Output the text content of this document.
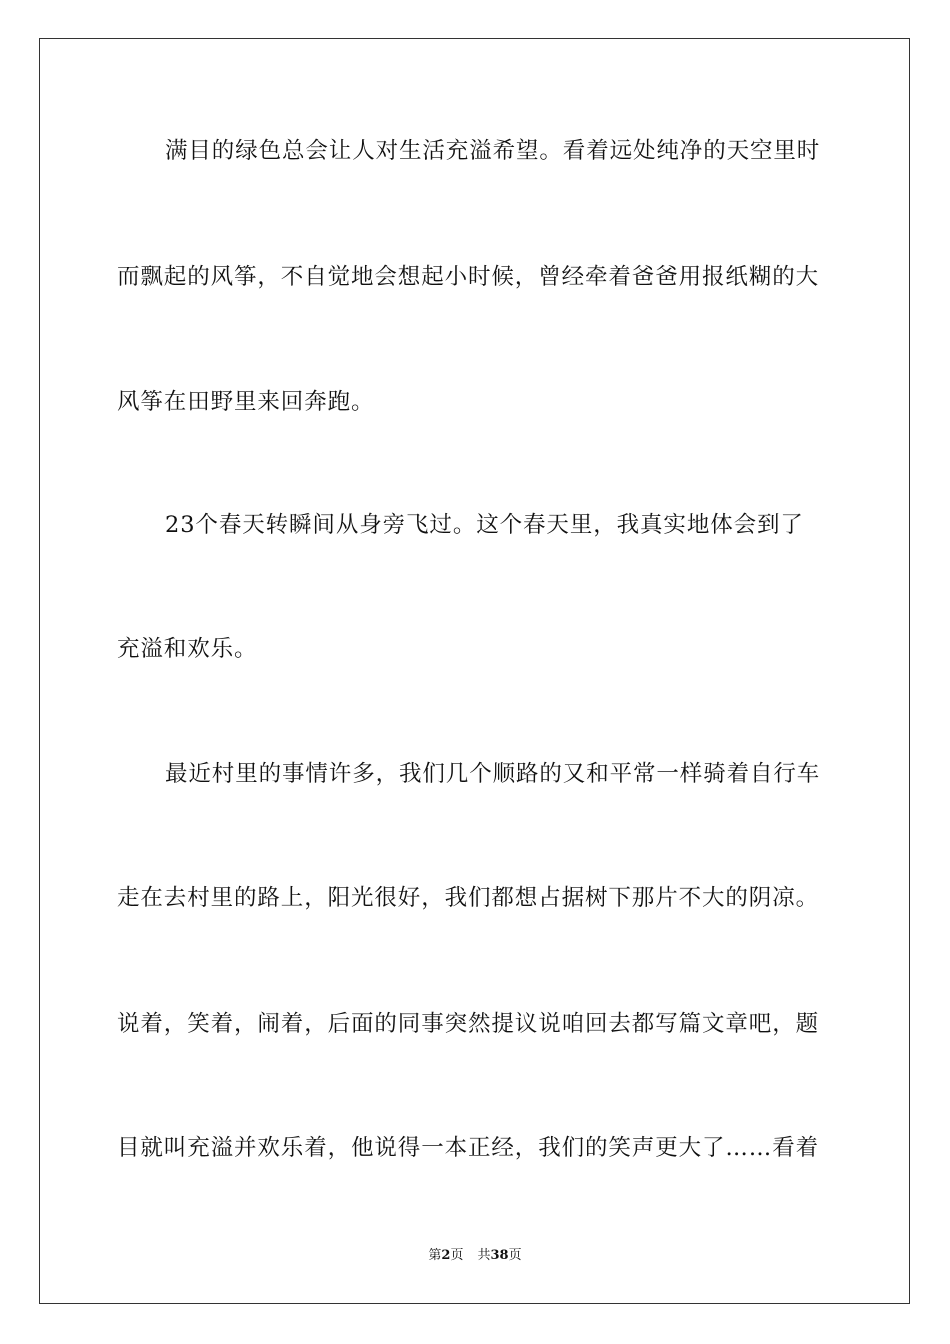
满目的绿色总会让人对生活充溢希望。看着远处纯净的天空里时
而飘起的风筝，不自觉地会想起小时候，曾经牵着爸爸用报纸糊的大
风筝在田野里来回奔跑。
23个春天转瞬间从身旁飞过。这个春天里，我真实地体会到了
充溢和欢乐。
最近村里的事情许多，我们几个顺路的又和平常一样骑着自行车
走在去村里的路上，阳光很好，我们都想占据树下那片不大的阴凉。
说着，笑着，闹着，后面的同事突然提议说咱回去都写篇文章吧，题
目就叫充溢并欢乐着，他说得一本正经，我们的笑声更大了……看着
第2页 共38页
